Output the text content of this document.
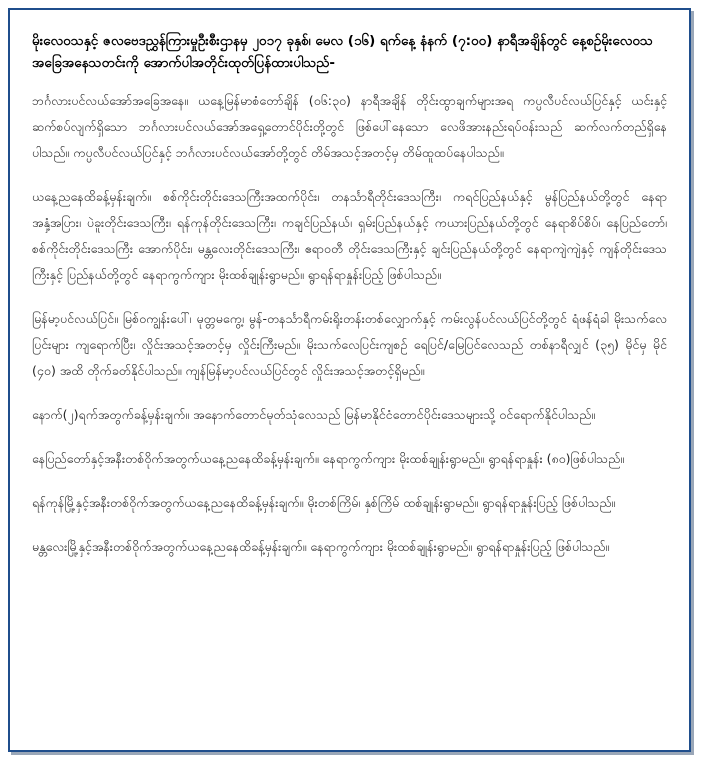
မိုးလေဝသနှင့် ဇလဗေဒညွှန်ကြားမှုဦးစီးဌာနမှ ၂၀၁၇ ခုနှစ်၊ မေလ (၁၆) ရက်နေ့ နံနက် (၇:၀၀) နာရီအချိန်တွင် နေ့စဉ်မိုးလေဝသအခြေအနေသတင်းကို အောက်ပါအတိုင်းထုတ်ပြန်ထားပါသည်-

ဘင်္ဂလားပင်လယ်အော်အခြေအနေ။ ယနေ့မြန်မာစံတော်ချိန် (၀၆:၃၀) နာရီအချိန် တိုင်းထွာချက်များအရ ကပ္ပလီပင်လယ်ပြင်နှင့် ယင်းနှင့်ဆက်စပ်လျက်ရှိသော ဘင်္ဂလားပင်လယ်အော်အရှေ့တောင်ပိုင်းတို့တွင် ဖြစ်ပေါ်နေသော လေဖိအားနည်းရပ်ဝန်းသည် ဆက်လက်တည်ရှိနေပါသည်။ ကပ္ပလီပင်လယ်ပြင်နှင့် ဘင်္ဂလားပင်လယ်အော်တို့တွင် တိမ်အသင့်အတင့်မှ တိမ်ထူထပ်နေပါသည်။

ယနေ့ညနေထိခန့်မှန်းချက်။ စစ်ကိုင်းတိုင်းဒေသကြီးအထက်ပိုင်း၊ တနင်္သာရီတိုင်းဒေသကြီး၊ ကရင်ပြည်နယ်နှင့် မွန်ပြည်နယ်တို့တွင် နေရာအနှံ့အပြား၊ ပဲခူးတိုင်းဒေသကြီး၊ ရန်ကုန်တိုင်းဒေသကြီး၊ ကချင်ပြည်နယ်၊ ရှမ်းပြည်နယ်နှင့် ကယားပြည်နယ်တို့တွင် နေရာစိပ်စိပ်၊ နေပြည်တော်၊ စစ်ကိုင်းတိုင်းဒေသကြီး အောက်ပိုင်း၊ မန္တလေးတိုင်းဒေသကြီး၊ ဧရာဝတီ တိုင်းဒေသကြီးနှင့် ချင်းပြည်နယ်တို့တွင် နေရာကျဲကျဲနှင့် ကျန်တိုင်းဒေသကြီးနှင့် ပြည်နယ်တို့တွင် နေရာကွက်ကျား မိုးထစ်ချုန်းရွာမည်။ ရွာရန်ရာနှုန်းပြည့် ဖြစ်ပါသည်။

မြန်မာ့ပင်လယ်ပြင်။ မြစ်ဝကျွန်းပေါ်၊ မုတ္တမကွေ့၊ မွန်-တနင်္သာရီကမ်းရိုးတန်းတစ်လျှောက်နှင့် ကမ်းလွန်ပင်လယ်ပြင်တို့တွင် ရံဖန်ရံခါ မိုးသက်လေပြင်းများ ကျရောက်ပြီး၊ လှိုင်းအသင့်အတင့်မှ လှိုင်းကြီးမည်။ မိုးသက်လေပြင်းကျစဉ် ရေပြင်/မြေပြင်လေသည် တစ်နာရီလျှင် (၃၅) မိုင်မှ မိုင် (၄၀) အထိ တိုက်ခတ်နိုင်ပါသည်။ ကျန်မြန်မာ့ပင်လယ်ပြင်တွင် လှိုင်းအသင့်အတင့်ရှိမည်။

နောက်(၂)ရက်အတွက်ခန့်မှန်းချက်။ အနောက်တောင်မုတ်သုံလေသည် မြန်မာနိုင်ငံတောင်ပိုင်းဒေသများသို့ ဝင်ရောက်နိုင်ပါသည်။

နေပြည်တော်နှင့်အနီးတစ်ဝိုက်အတွက်ယနေ့ညနေထိခန့်မှန်းချက်။ နေရာကွက်ကျား မိုးထစ်ချုန်းရွာမည်။ ရွာရန်ရာနှုန်း (၈၀)ဖြစ်ပါသည်။

ရန်ကုန်မြို့နှင့်အနီးတစ်ဝိုက်အတွက်ယနေ့ညနေထိခန့်မှန်းချက်။ မိုးတစ်ကြိမ်၊ နှစ်ကြိမ် ထစ်ချုန်းရွာမည်။ ရွာရန်ရာနှုန်းပြည့် ဖြစ်ပါသည်။

မန္တလေးမြို့နှင့်အနီးတစ်ဝိုက်အတွက်ယနေ့ညနေထိခန့်မှန်းချက်။ နေရာကွက်ကျား မိုးထစ်ချုန်းရွာမည်။ ရွာရန်ရာနှုန်းပြည့် ဖြစ်ပါသည်။
